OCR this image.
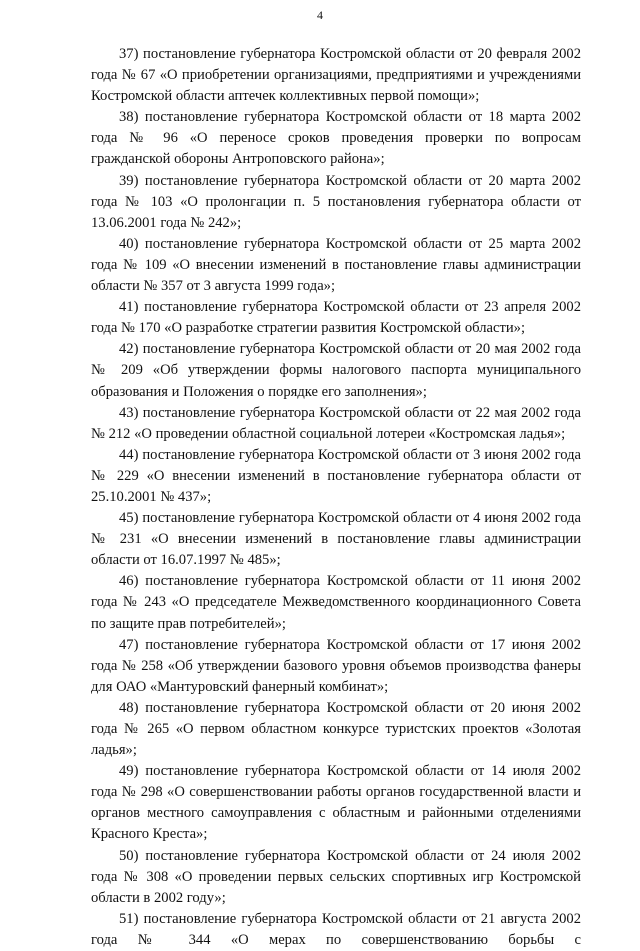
4

37) постановление губернатора Костромской области от 20 февраля 2002 года № 67 «О приобретении организациями, предприятиями и учреждениями Костромской области аптечек коллективных первой помощи»;

38) постановление губернатора Костромской области от 18 марта 2002 года № 96 «О переносе сроков проведения проверки по вопросам гражданской обороны Антроповского района»;

39) постановление губернатора Костромской области от 20 марта 2002 года № 103 «О пролонгации п. 5 постановления губернатора области от 13.06.2001 года № 242»;

40) постановление губернатора Костромской области от 25 марта 2002 года № 109 «О внесении изменений в постановление главы администрации области № 357 от 3 августа 1999 года»;

41) постановление губернатора Костромской области от 23 апреля 2002 года № 170 «О разработке стратегии развития Костромской области»;

42) постановление губернатора Костромской области от 20 мая 2002 года № 209 «Об утверждении формы налогового паспорта муниципального образования и Положения о порядке его заполнения»;

43) постановление губернатора Костромской области от 22 мая 2002 года № 212 «О проведении областной социальной лотереи «Костромская ладья»;

44) постановление губернатора Костромской области от 3 июня 2002 года № 229 «О внесении изменений в постановление губернатора области от 25.10.2001 № 437»;

45) постановление губернатора Костромской области от 4 июня 2002 года № 231 «О внесении изменений в постановление главы администрации области от 16.07.1997 № 485»;

46) постановление губернатора Костромской области от 11 июня 2002 года № 243 «О председателе Межведомственного координационного Совета по защите прав потребителей»;

47) постановление губернатора Костромской области от 17 июня 2002 года № 258 «Об утверждении базового уровня объемов производства фанеры для ОАО «Мантуровский фанерный комбинат»;

48) постановление губернатора Костромской области от 20 июня 2002 года № 265 «О первом областном конкурсе туристских проектов «Золотая ладья»;

49) постановление губернатора Костромской области от 14 июля 2002 года № 298 «О совершенствовании работы органов государственной власти и органов местного самоуправления с областным и районными отделениями Красного Креста»;

50) постановление губернатора Костромской области от 24 июля 2002 года № 308 «О проведении первых сельских спортивных игр Костромской области в 2002 году»;

51) постановление губернатора Костромской области от 21 августа 2002 года № 344 «О мерах по совершенствованию борьбы с
